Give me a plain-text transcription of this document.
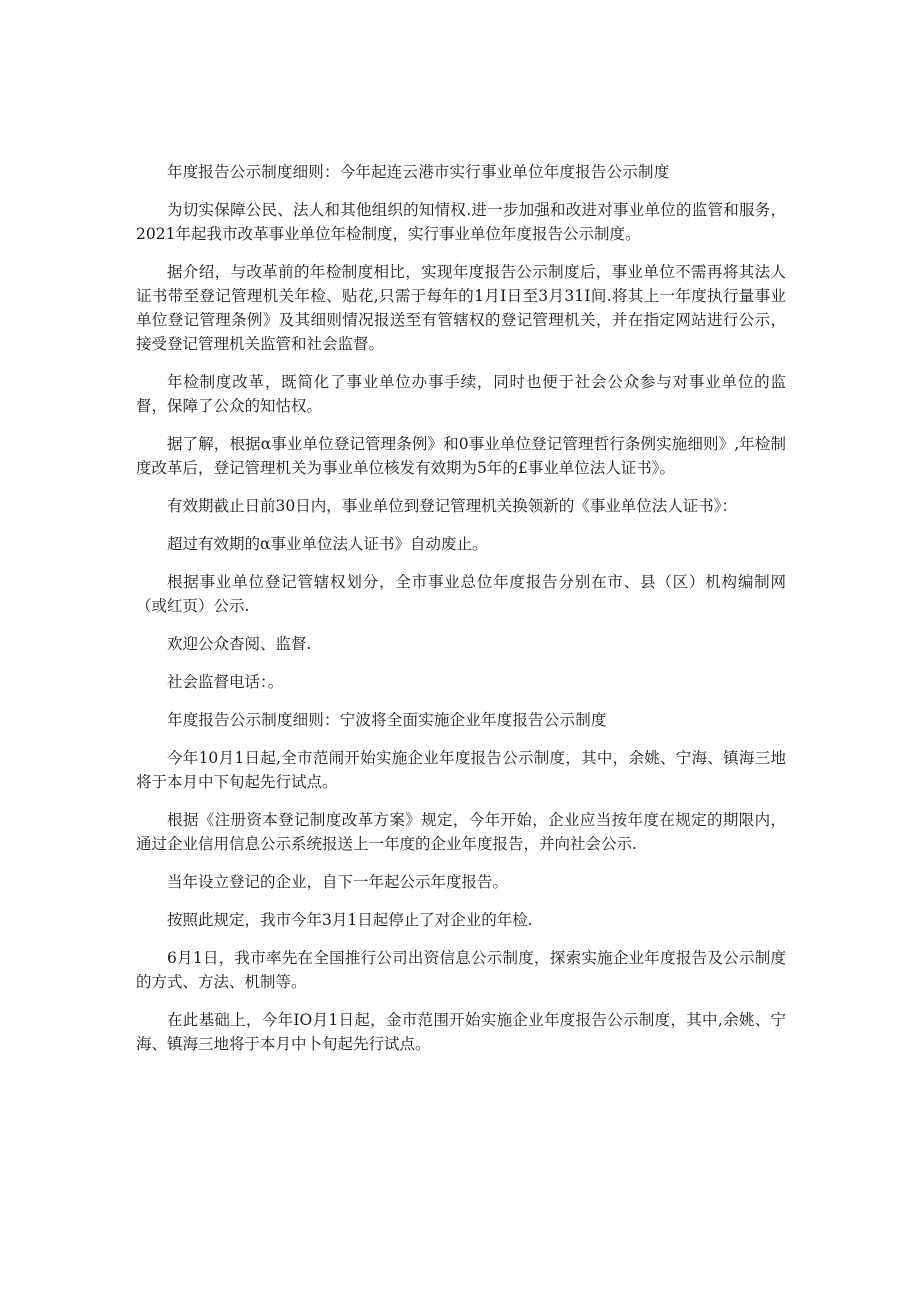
年度报告公示制度细则：今年起连云港市实行事业单位年度报告公示制度

为切实保障公民、法人和其他组织的知情权.进一步加强和改进对事业单位的监管和服务，2021年起我市改革事业单位年检制度，实行事业单位年度报告公示制度。

据介绍，与改革前的年检制度相比，实现年度报告公示制度后，事业单位不需再将其法人证书带至登记管理机关年检、贴花,只需于每年的1月I日至3月31Ⅰ间.将其上一年度执行量事业单位登记管理条例》及其细则情况报送至有管辖权的登记管理机关，并在指定网站进行公示，接受登记管理机关监管和社会监督。

年检制度改革，既简化了事业单位办事手续，同时也便于社会公众参与对事业单位的监督，保障了公众的知怙权。

据了解，根据α事业单位登记管理条例》和0事业单位登记管理哲行条例实施细则》,年检制度改革后，登记管理机关为事业单位核发有效期为5年的£事业单位法人证书》。

有效期截止日前30日内，事业单位到登记管理机关换领新的《事业单位法人证书》：

超过有效期的α事业单位法人证书》自动废止。

根据事业单位登记管辖权划分，全市事业总位年度报告分别在市、县（区）机构编制网（或红页）公示.

欢迎公众杳阅、监督.

社会监督电话：。

年度报告公示制度细则：宁波将全面实施企业年度报告公示制度

今年10月1日起,全市范闹开始实施企业年度报告公示制度，其中，余姚、宁海、镇海三地将于本月中下旬起先行试点。

根据《注册资本登记制度改革方案》规定，今年开始，企业应当按年度在规定的期限内，通过企业信用信息公示系统报送上一年度的企业年度报告，并向社会公示.

当年设立登记的企业，自下一年起公示年度报告。

按照此规定，我市今年3月1日起停止了对企业的年检.

6月1日，我市率先在全国推行公司出资信息公示制度，探索实施企业年度报告及公示制度的方式、方法、机制等。

在此基础上，今年IO月1日起，金市范围开始实施企业年度报告公示制度，其中,余姚、宁海、镇海三地将于本月中卜旬起先行试点。
